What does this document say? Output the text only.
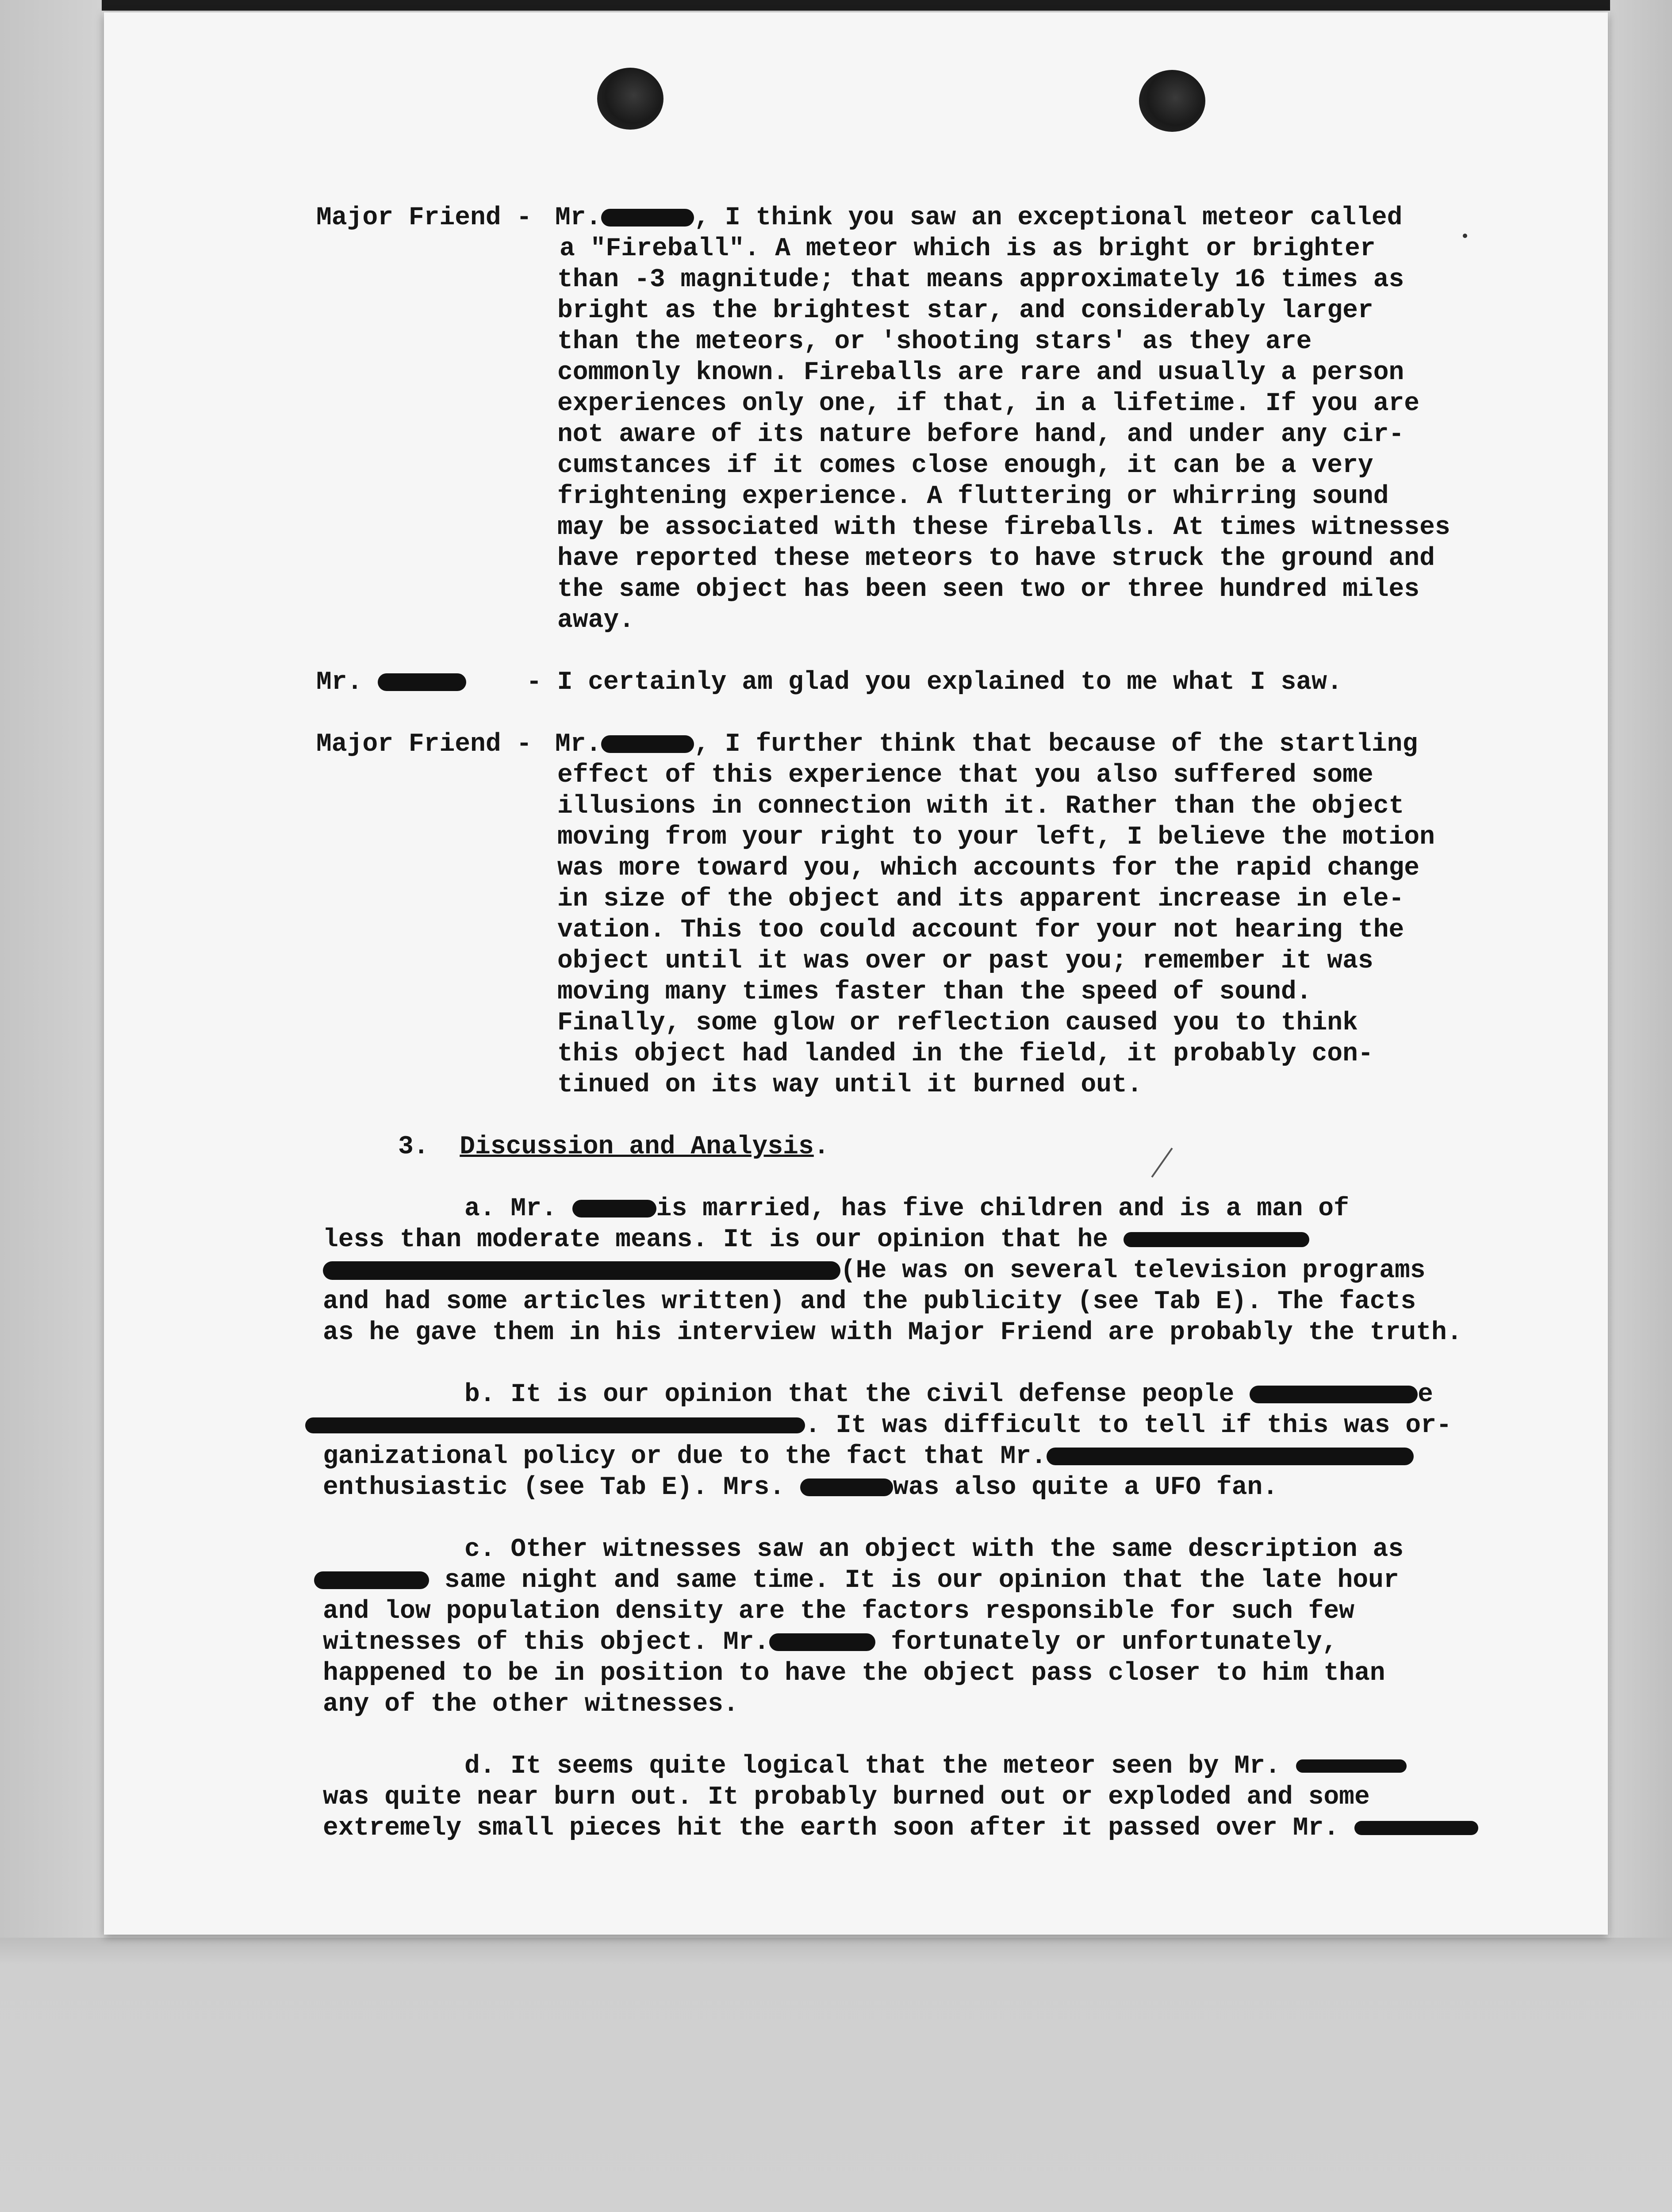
Major Friend - Mr.	, I think you saw an exceptional meteor called
a "Fireball". A meteor which is as bright or brighter
than -3 magnitude; that means approximately 16 times as
bright as the brightest star, and considerably larger
than the meteors, or 'shooting stars' as they are
commonly known. Fireballs are rare and usually a person
experiences only one, if that, in a lifetime. If you are
not aware of its nature before hand, and under any cir-
cumstances if it comes close enough, it can be a very
frightening experience. A fluttering or whirring sound
may be associated with these fireballs. At times witnesses
have reported these meteors to have struck the ground and
the same object has been seen two or three hundred miles
away.
Mr.	- I certainly am glad you explained to me what I saw.
Major Friend - Mr.	, I further think that because of the startling
effect of this experience that you also suffered some
illusions in connection with it. Rather than the object
moving from your right to your left, I believe the motion
was more toward you, which accounts for the rapid change
in size of the object and its apparent increase in ele-
vation. This too could account for your not hearing the
object until it was over or past you; remember it was
moving many times faster than the speed of sound.
Finally, some glow or reflection caused you to think
this object had landed in the field, it probably con-
tinued on its way until it burned out.
3. Discussion and Analysis.
a. Mr.	is married, has five children and is a man of
less than moderate means. It is our opinion that he
(He was on several television programs
and had some articles written) and the publicity (see Tab E). The facts
as he gave them in his interview with Major Friend are probably the truth.
b. It is our opinion that the civil defense people	e
. It was difficult to tell if this was or-
ganizational policy or due to the fact that Mr.
enthusiastic (see Tab E). Mrs.	was also quite a UFO fan.
c. Other witnesses saw an object with the same description as
same night and same time. It is our opinion that the late hour
and low population density are the factors responsible for such few
witnesses of this object. Mr.	fortunately or unfortunately,
happened to be in position to have the object pass closer to him than
any of the other witnesses.
d. It seems quite logical that the meteor seen by Mr.
was quite near burn out. It probably burned out or exploded and some
extremely small pieces hit the earth soon after it passed over Mr.
